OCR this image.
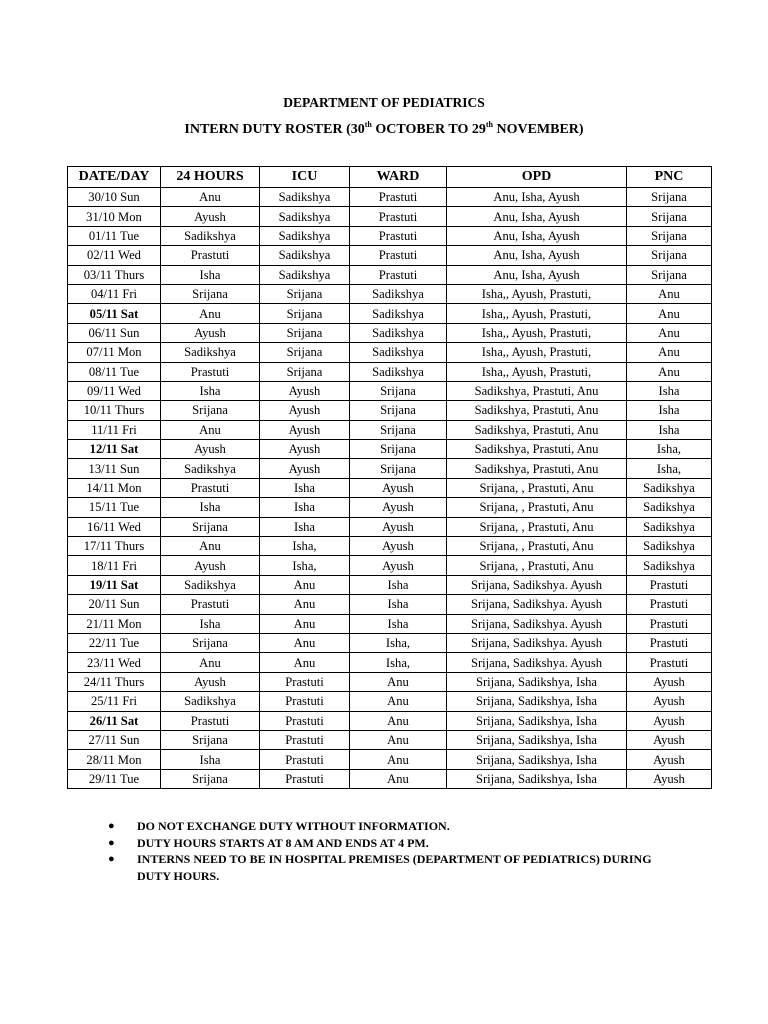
DEPARTMENT OF PEDIATRICS
INTERN DUTY ROSTER (30th OCTOBER TO 29th NOVEMBER)
DATE/DAY	24 HOURS	ICU	WARD	OPD	PNC
30/10 Sun	Anu	Sadikshya	Prastuti	Anu, Isha, Ayush	Srijana
31/10 Mon	Ayush	Sadikshya	Prastuti	Anu, Isha, Ayush	Srijana
01/11 Tue	Sadikshya	Sadikshya	Prastuti	Anu, Isha, Ayush	Srijana
02/11 Wed	Prastuti	Sadikshya	Prastuti	Anu, Isha, Ayush	Srijana
03/11 Thurs	Isha	Sadikshya	Prastuti	Anu, Isha, Ayush	Srijana
04/11 Fri	Srijana	Srijana	Sadikshya	Isha,, Ayush, Prastuti,	Anu
05/11 Sat	Anu	Srijana	Sadikshya	Isha,, Ayush, Prastuti,	Anu
06/11 Sun	Ayush	Srijana	Sadikshya	Isha,, Ayush, Prastuti,	Anu
07/11 Mon	Sadikshya	Srijana	Sadikshya	Isha,, Ayush, Prastuti,	Anu
08/11 Tue	Prastuti	Srijana	Sadikshya	Isha,, Ayush, Prastuti,	Anu
09/11 Wed	Isha	Ayush	Srijana	Sadikshya, Prastuti, Anu	Isha
10/11 Thurs	Srijana	Ayush	Srijana	Sadikshya, Prastuti, Anu	Isha
11/11 Fri	Anu	Ayush	Srijana	Sadikshya, Prastuti, Anu	Isha
12/11 Sat	Ayush	Ayush	Srijana	Sadikshya, Prastuti, Anu	Isha,
13/11 Sun	Sadikshya	Ayush	Srijana	Sadikshya, Prastuti, Anu	Isha,
14/11 Mon	Prastuti	Isha	Ayush	Srijana, , Prastuti, Anu	Sadikshya
15/11 Tue	Isha	Isha	Ayush	Srijana, , Prastuti, Anu	Sadikshya
16/11 Wed	Srijana	Isha	Ayush	Srijana, , Prastuti, Anu	Sadikshya
17/11 Thurs	Anu	Isha,	Ayush	Srijana, , Prastuti, Anu	Sadikshya
18/11 Fri	Ayush	Isha,	Ayush	Srijana, , Prastuti, Anu	Sadikshya
19/11 Sat	Sadikshya	Anu	Isha	Srijana, Sadikshya. Ayush	Prastuti
20/11 Sun	Prastuti	Anu	Isha	Srijana, Sadikshya. Ayush	Prastuti
21/11 Mon	Isha	Anu	Isha	Srijana, Sadikshya. Ayush	Prastuti
22/11 Tue	Srijana	Anu	Isha,	Srijana, Sadikshya. Ayush	Prastuti
23/11 Wed	Anu	Anu	Isha,	Srijana, Sadikshya. Ayush	Prastuti
24/11 Thurs	Ayush	Prastuti	Anu	Srijana, Sadikshya, Isha	Ayush
25/11 Fri	Sadikshya	Prastuti	Anu	Srijana, Sadikshya, Isha	Ayush
26/11 Sat	Prastuti	Prastuti	Anu	Srijana, Sadikshya, Isha	Ayush
27/11 Sun	Srijana	Prastuti	Anu	Srijana, Sadikshya, Isha	Ayush
28/11 Mon	Isha	Prastuti	Anu	Srijana, Sadikshya, Isha	Ayush
29/11 Tue	Srijana	Prastuti	Anu	Srijana, Sadikshya, Isha	Ayush
● DO NOT EXCHANGE DUTY WITHOUT INFORMATION.
● DUTY HOURS STARTS AT 8 AM AND ENDS AT 4 PM.
● INTERNS NEED TO BE IN HOSPITAL PREMISES (DEPARTMENT OF PEDIATRICS) DURING DUTY HOURS.
